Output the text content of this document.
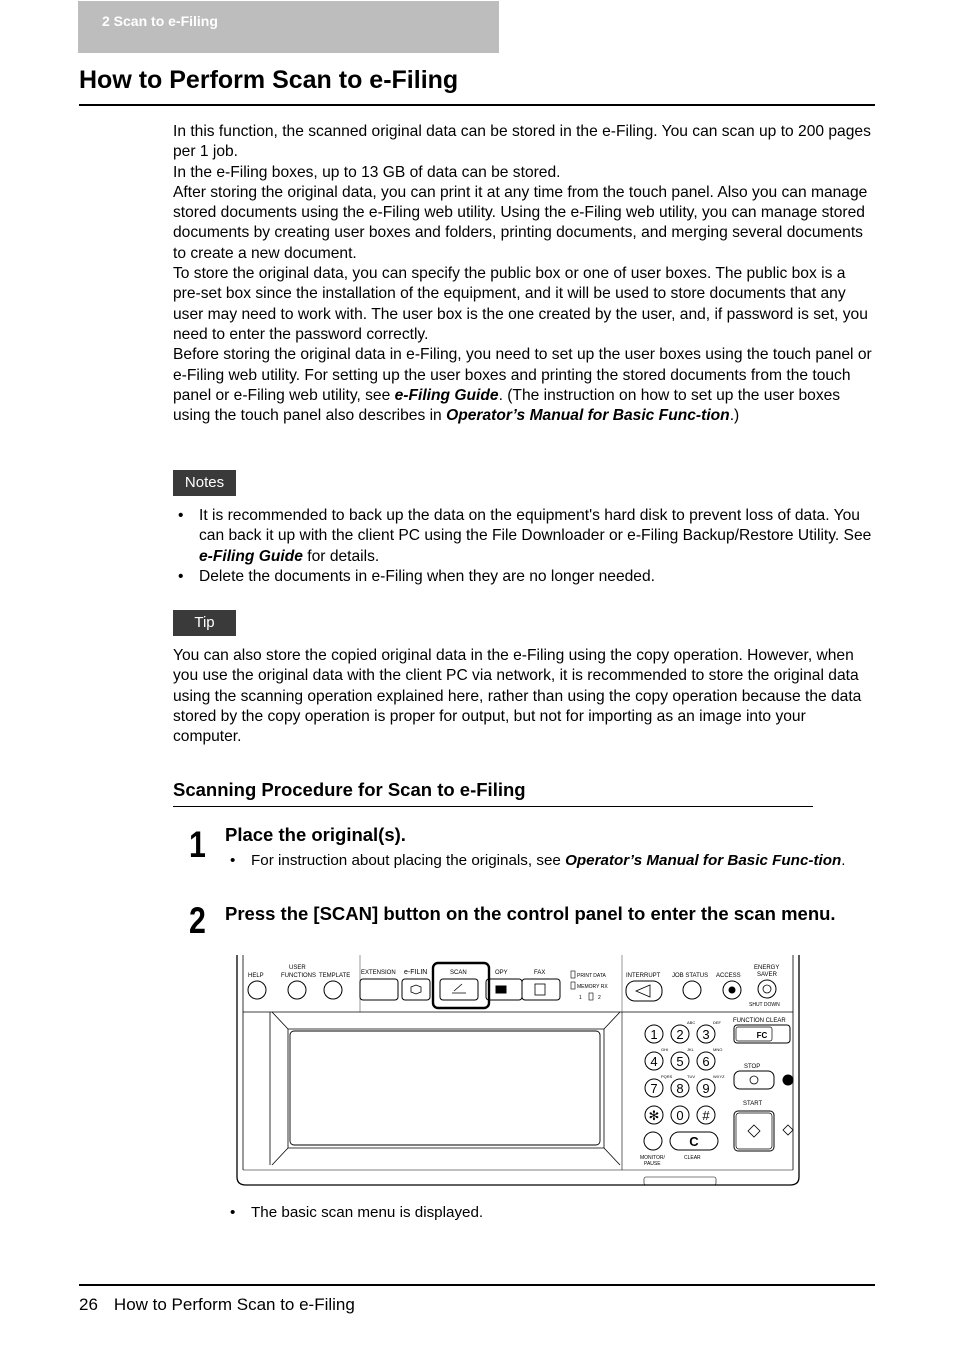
2 Scan to e-Filing
How to Perform Scan to e-Filing

In this function, the scanned original data can be stored in the e-Filing. You can scan up to 200 pages per 1 job.

In the e-Filing boxes, up to 13 GB of data can be stored.

After storing the original data, you can print it at any time from the touch panel. Also you can manage stored documents using the e-Filing web utility. Using the e-Filing web utility, you can manage stored documents by creating user boxes and folders, printing documents, and merging several documents to create a new document.

To store the original data, you can specify the public box or one of user boxes. The public box is a pre-set box since the installation of the equipment, and it will be used to store documents that any user may need to work with. The user box is the one created by the user, and, if password is set, you need to enter the password correctly.

Before storing the original data in e-Filing, you need to set up the user boxes using the touch panel or e-Filing web utility. For setting up the user boxes and printing the stored documents from the touch panel or e-Filing web utility, see e-Filing Guide. (The instruction on how to set up the user boxes using the touch panel also describes in Operator’s Manual for Basic Func-tion.)

Notes
• It is recommended to back up the data on the equipment's hard disk to prevent loss of data. You can back it up with the client PC using the File Downloader or e-Filing Backup/Restore Utility. See e-Filing Guide for details.
• Delete the documents in e-Filing when they are no longer needed.
Tip

You can also store the copied original data in the e-Filing using the copy operation. However, when you use the original data with the client PC via network, it is recommended to store the original data using the scanning operation explained here, rather than using the copy operation because the data stored by the copy operation is proper for output, but not for importing as an image into your computer.

Scanning Procedure for Scan to e-Filing
1 Place the original(s).
• For instruction about placing the originals, see Operator’s Manual for Basic Func-tion.
2 Press the [SCAN] button on the control panel to enter the scan menu.
HELP
USER
FUNCTIONS TEMPLATE EXTENSION e-FILIN	SCAN	OPY	FAX	PRINT DATA
MEMORY RX
1	2
INTERRUPT JOB STATUS ACCESS
ENERGY
SAVER
SHUT DOWN
FUNCTION CLEAR
STOP
START
MONITOR/
PAUSE
CLEAR
FC
C
1 2 3
4 5 6
7 8 9
✻ 0 #
ABC	DEF
GHI	JKL	MNO
PQRS	TUV	WXYZ
• The basic scan menu is displayed.
26 How to Perform Scan to e-Filing
